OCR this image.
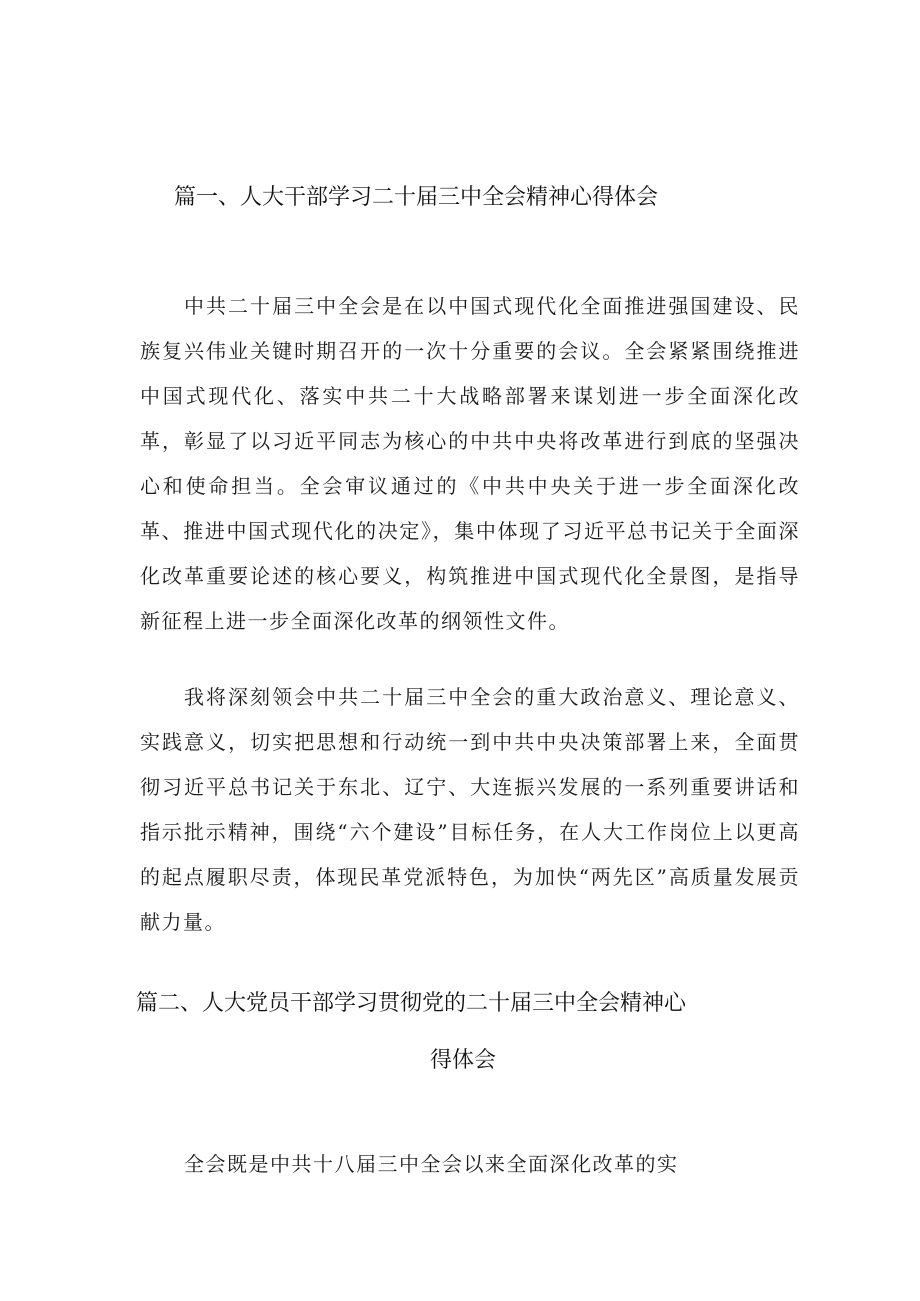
篇一、人大干部学习二十届三中全会精神心得体会

中共二十届三中全会是在以中国式现代化全面推进强国建设、民族复兴伟业关键时期召开的一次十分重要的会议。全会紧紧围绕推进中国式现代化、落实中共二十大战略部署来谋划进一步全面深化改革，彰显了以习近平同志为核心的中共中央将改革进行到底的坚强决心和使命担当。全会审议通过的《中共中央关于进一步全面深化改革、推进中国式现代化的决定》，集中体现了习近平总书记关于全面深化改革重要论述的核心要义，构筑推进中国式现代化全景图，是指导新征程上进一步全面深化改革的纲领性文件。

我将深刻领会中共二十届三中全会的重大政治意义、理论意义、实践意义，切实把思想和行动统一到中共中央决策部署上来，全面贯彻习近平总书记关于东北、辽宁、大连振兴发展的一系列重要讲话和指示批示精神，围绕“六个建设”目标任务，在人大工作岗位上以更高的起点履职尽责，体现民革党派特色，为加快“两先区”高质量发展贡献力量。

篇二、人大党员干部学习贯彻党的二十届三中全会精神心
得体会

全会既是中共十八届三中全会以来全面深化改革的实
